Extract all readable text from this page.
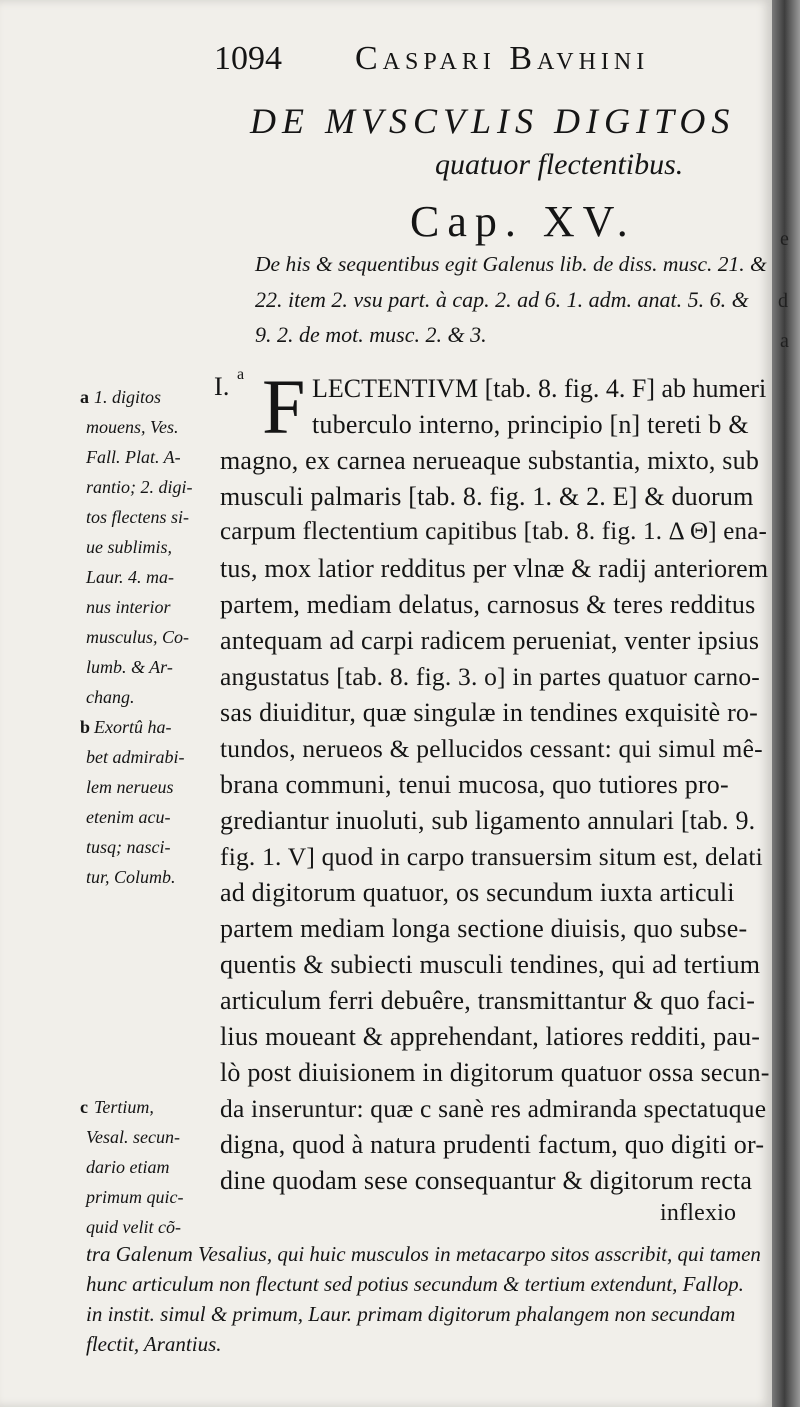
e
d
a
1094 Caspari Bavhini
DE MVSCVLIS DIGITOS
quatuor flectentibus.
Cap. XV.
De his & sequentibus egit Galenus lib. de diss. musc. 21. &
22. item 2. vsu part. à cap. 2. ad 6. 1. adm. anat. 5. 6. &
9. 2. de mot. musc. 2. & 3.
a 1. digitos
mouens, Ves.
Fall. Plat. A-
rantio; 2. digi-
tos flectens si-
ue sublimis,
Laur. 4. ma-
nus interior
musculus, Co-
lumb. & Ar-
chang.
b Exortû ha-
bet admirabi-
lem nerueus
etenim acu-
tusq; nasci-
tur, Columb.
c Tertium,
Vesal. secun-
dario etiam
primum quic-
quid velit cõ-
I. a F LECTENTIVM [tab. 8. fig. 4. F] ab humeri
tuberculo interno, principio [n] tereti b &
magno, ex carnea nerueaque substantia, mixto, sub
musculi palmaris [tab. 8. fig. 1. & 2. E] & duorum
carpum flectentium capitibus [tab. 8. fig. 1. Δ Θ] ena-
tus, mox latior redditus per vlnæ & radij anteriorem
partem, mediam delatus, carnosus & teres redditus
antequam ad carpi radicem perueniat, venter ipsius
angustatus [tab. 8. fig. 3. o] in partes quatuor carno-
sas diuiditur, quæ singulæ in tendines exquisitè ro-
tundos, nerueos & pellucidos cessant: qui simul mê-
brana communi, tenui mucosa, quo tutiores pro-
grediantur inuoluti, sub ligamento annulari [tab. 9.
fig. 1. V] quod in carpo transuersim situm est, delati
ad digitorum quatuor, os secundum iuxta articuli
partem mediam longa sectione diuisis, quo subse-
quentis & subiecti musculi tendines, qui ad tertium
articulum ferri debuêre, transmittantur & quo faci-
lius moueant & apprehendant, latiores redditi, pau-
lò post diuisionem in digitorum quatuor ossa secun-
da inseruntur: quæ c sanè res admiranda spectatuque
digna, quod à natura prudenti factum, quo digiti or-
dine quodam sese consequantur & digitorum recta
inflexio
tra Galenum Vesalius, qui huic musculos in metacarpo sitos asscribit, qui tamen
hunc articulum non flectunt sed potius secundum & tertium extendunt, Fallop.
in instit. simul & primum, Laur. primam digitorum phalangem non secundam
flectit, Arantius.
